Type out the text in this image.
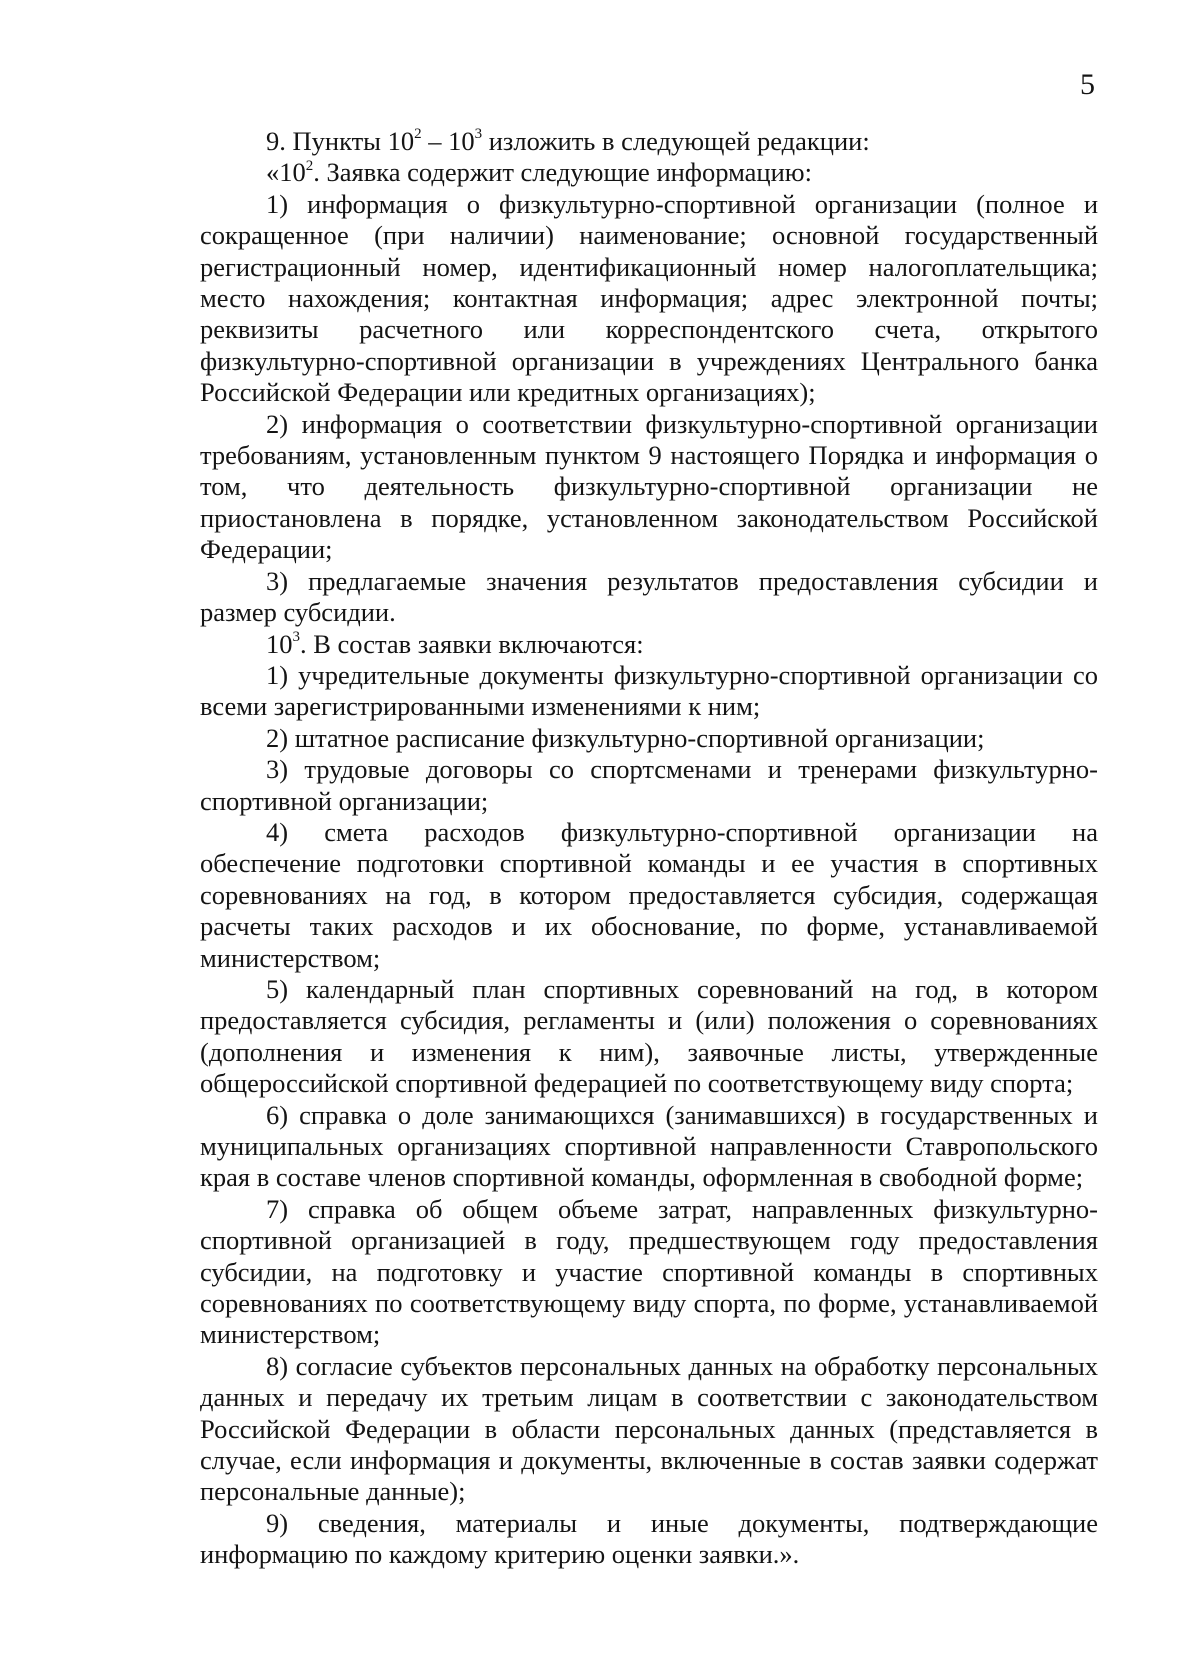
5

9. Пункты $10^2 - 10^3$ изложить в следующей редакции:

«$10^2$. Заявка содержит следующие информацию:

1) информация о физкультурно-спортивной организации (полное и сокращенное (при наличии) наименование; основной государственный регистрационный номер, идентификационный номер налогоплательщика; место нахождения; контактная информация; адрес электронной почты; реквизиты расчетного или корреспондентского счета, открытого физкультурно-спортивной организации в учреждениях Центрального банка Российской Федерации или кредитных организациях);

2) информация о соответствии физкультурно-спортивной организации требованиям, установленным пунктом 9 настоящего Порядка и информация о том, что деятельность физкультурно-спортивной организации не приостановлена в порядке, установленном законодательством Российской Федерации;

3) предлагаемые значения результатов предоставления субсидии и размер субсидии.

$10^3$. В состав заявки включаются:

1) учредительные документы физкультурно-спортивной организации со всеми зарегистрированными изменениями к ним;

2) штатное расписание физкультурно-спортивной организации;

3) трудовые договоры со спортсменами и тренерами физкультурно-спортивной организации;

4) смета расходов физкультурно-спортивной организации на обеспечение подготовки спортивной команды и ее участия в спортивных соревнованиях на год, в котором предоставляется субсидия, содержащая расчеты таких расходов и их обоснование, по форме, устанавливаемой министерством;

5) календарный план спортивных соревнований на год, в котором предоставляется субсидия, регламенты и (или) положения о соревнованиях (дополнения и изменения к ним), заявочные листы, утвержденные общероссийской спортивной федерацией по соответствующему виду спорта;

6) справка о доле занимающихся (занимавшихся) в государственных и муниципальных организациях спортивной направленности Ставропольского края в составе членов спортивной команды, оформленная в свободной форме;

7) справка об общем объеме затрат, направленных физкультурно-спортивной организацией в году, предшествующем году предоставления субсидии, на подготовку и участие спортивной команды в спортивных соревнованиях по соответствующему виду спорта, по форме, устанавливаемой министерством;

8) согласие субъектов персональных данных на обработку персональных данных и передачу их третьим лицам в соответствии с законодательством Российской Федерации в области персональных данных (представляется в случае, если информация и документы, включенные в состав заявки содержат персональные данные);

9) сведения, материалы и иные документы, подтверждающие информацию по каждому критерию оценки заявки.».
